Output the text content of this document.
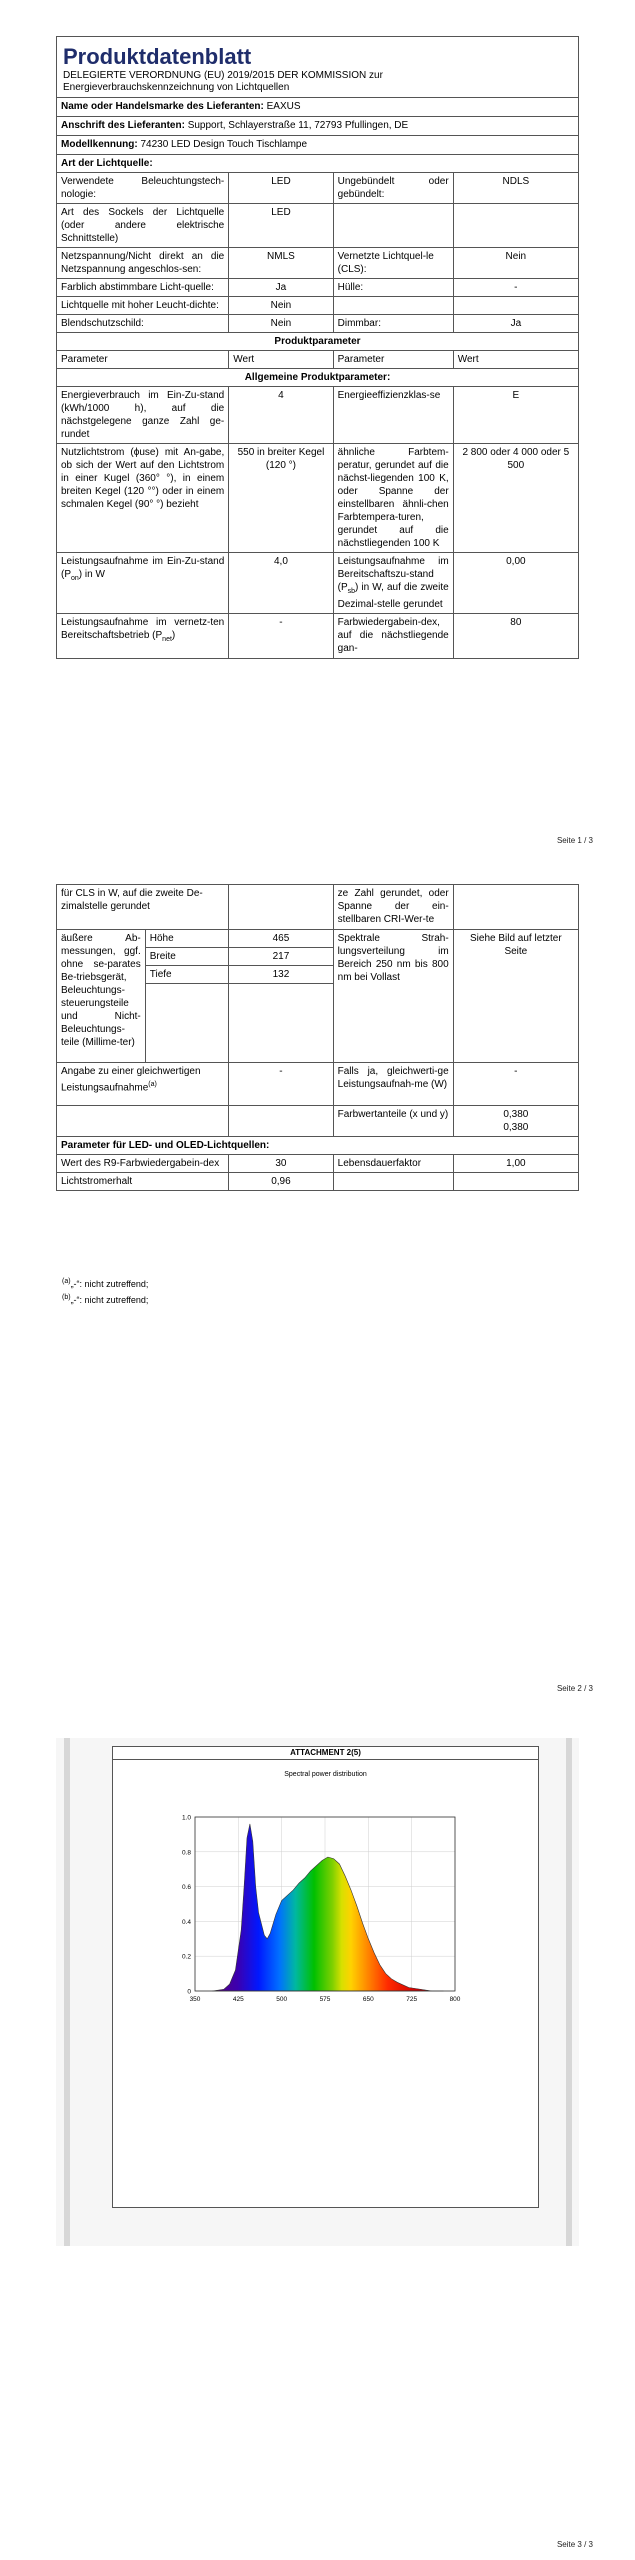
Produktdatenblatt
DELEGIERTE VERORDNUNG (EU) 2019/2015 DER KOMMISSION zur
Energieverbrauchskennzeichnung von Lichtquellen			

Name oder Handelsmarke des Lieferanten: EAXUS			
Anschrift des Lieferanten: Support, Schlayerstraße 11, 72793 Pfullingen, DE			
Modellkennung: 74230 LED Design Touch Tischlampe			
Art der Lichtquelle:			
Verwendete Beleuchtungstech-nologie:	LED	Ungebündelt oder gebündelt:	NDLS
Art des Sockels der Lichtquelle (oder andere elektrische Schnittstelle)	LED		
Netzspannung/Nicht direkt an die Netzspannung angeschlos-sen:	NMLS	Vernetzte Lichtquel-le (CLS):	Nein
Farblich abstimmbare Licht-quelle:	Ja	Hülle:	-
Lichtquelle mit hoher Leucht-dichte:	Nein		
Blendschutzschild:	Nein	Dimmbar:	Ja
Produktparameter			
Parameter	Wert	Parameter	Wert
Allgemeine Produktparameter:			
Energieverbrauch im Ein-Zu-stand (kWh/1000 h), auf die nächstgelegene ganze Zahl ge-rundet	4	Energieeffizienzklas-se	E
Nutzlichtstrom (ϕuse) mit An-gabe, ob sich der Wert auf den Lichtstrom in einer Kugel (360° °), in einem breiten Kegel (120 °°) oder in einem schmalen Kegel (90° °) bezieht	550 in breiter Kegel (120 °)	ähnliche Farbtem-peratur, gerundet auf die nächst-liegenden 100 K, oder Spanne der einstellbaren ähnli-chen Farbtempera-turen, gerundet auf die nächstliegenden 100 K	2 800 oder 4 000 oder 5 500
Leistungsaufnahme im Ein-Zu-stand $(P_{on})$ in W	4,0	Leistungsaufnahme im Bereitschaftszu-stand $(P_{sb})$ in W, auf die zweite Dezimal-stelle gerundet	0,00
Leistungsaufnahme im vernetz-ten Bereitschaftsbetrieb $(P_{net})$	-	Farbwiedergabein-dex, auf die nächstliegende gan-	80
Seite 1 / 3
für CLS in W, auf die zweite De-zimalstelle gerundet			ze Zahl gerundet, oder Spanne der ein-stellbaren CRI-Wer-te	
äußere Ab-messungen, ggf. ohne se-parates Be-triebsgerät, Beleuchtungs-steuerungsteile und Nicht-Beleuchtungs-teile (Millime-ter)	Höhe	465	Spektrale Strah-lungsverteilung im Bereich 250 nm bis 800 nm bei Vollast	Siehe Bild auf letzter Seite
	Breite	217		
	Tiefe	132		

Angabe zu einer gleichwertigen Leistungsaufnahme$^{(a)}$		-	Falls ja, gleichwerti-ge Leistungsaufnah-me (W)	-
			Farbwertanteile (x und y)	0,380
0,380

Parameter für LED- und OLED-Lichtquellen:				
Wert des R9-Farbwiedergabein-dex		30	Lebensdauerfaktor	1,00
Lichtstromerhalt		0,96		
$^{(a)}$„-“: nicht zutreffend;
$^{(b)}$„-“: nicht zutreffend;
Seite 2 / 3
ATTACHMENT 2(5)
Spectral power distribution
350	425	500	575	650	725	800
0
0.2
0.4
0.6
0.8
1.0
Seite 3 / 3
